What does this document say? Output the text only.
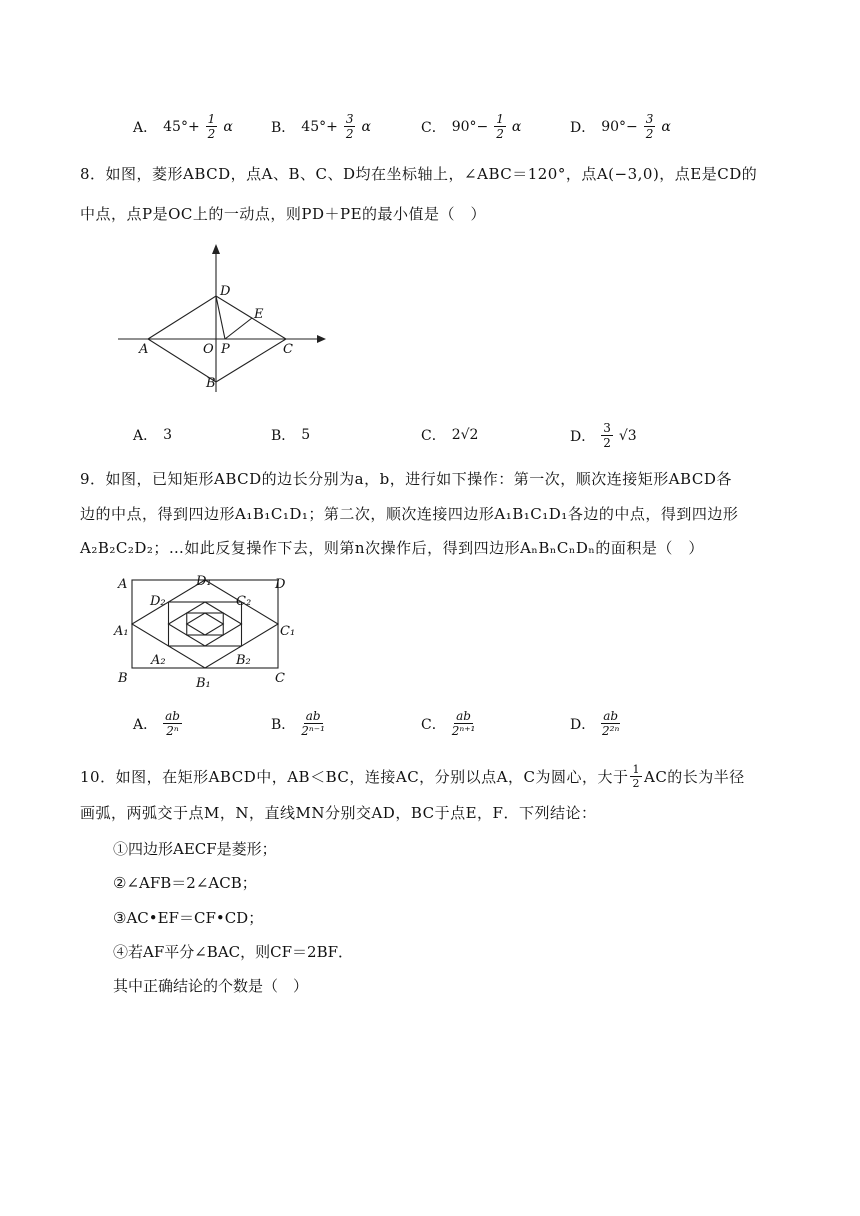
A． $45^\circ+ \frac{1}{2}$ α	B． $45^\circ+ \frac{3}{2}$ α	C． $90^\circ- \frac{1}{2}$ α	D． $90^\circ- \frac{3}{2}$ α
8．如图，菱形ABCD，点A、B、C、D均在坐标轴上，∠ABC＝120°，点A(−3,0)，点E是CD的
中点，点P是OC上的一动点，则PD＋PE的最小值是（　）
D
E
A	O P	C
B
A． 3	B． 5	C． 2√2	D． $\frac{3}{2} √3$
9．如图，已知矩形ABCD的边长分别为a，b，进行如下操作：第一次，顺次连接矩形ABCD各
边的中点，得到四边形A₁B₁C₁D₁；第二次，顺次连接四边形A₁B₁C₁D₁各边的中点，得到四边形
A₂B₂C₂D₂；…如此反复操作下去，则第n次操作后，得到四边形AₙBₙCₙDₙ的面积是（　）
A	D₁	D
D₂	C₂
A₁	C₁
A₂	B₂
B	B₁	C
A． $\frac{ab}{\text{2ⁿ}}$	B． $\frac{ab}{\text{2ⁿ⁻¹}}$	C． $\frac{ab}{\text{2ⁿ⁺¹}}$	D． $\frac{ab}{\text{2²ⁿ}}$
10．如图，在矩形ABCD中，AB＜BC，连接AC，分别以点A，C为圆心，大于 $\frac{1}{2}$ AC的长为半径
画弧，两弧交于点M，N，直线MN分别交AD，BC于点E，F．下列结论：
①四边形AECF是菱形；
②∠AFB＝2∠ACB；
③AC•EF＝CF•CD；
④若AF平分∠BAC，则CF＝2BF．
其中正确结论的个数是（　）
